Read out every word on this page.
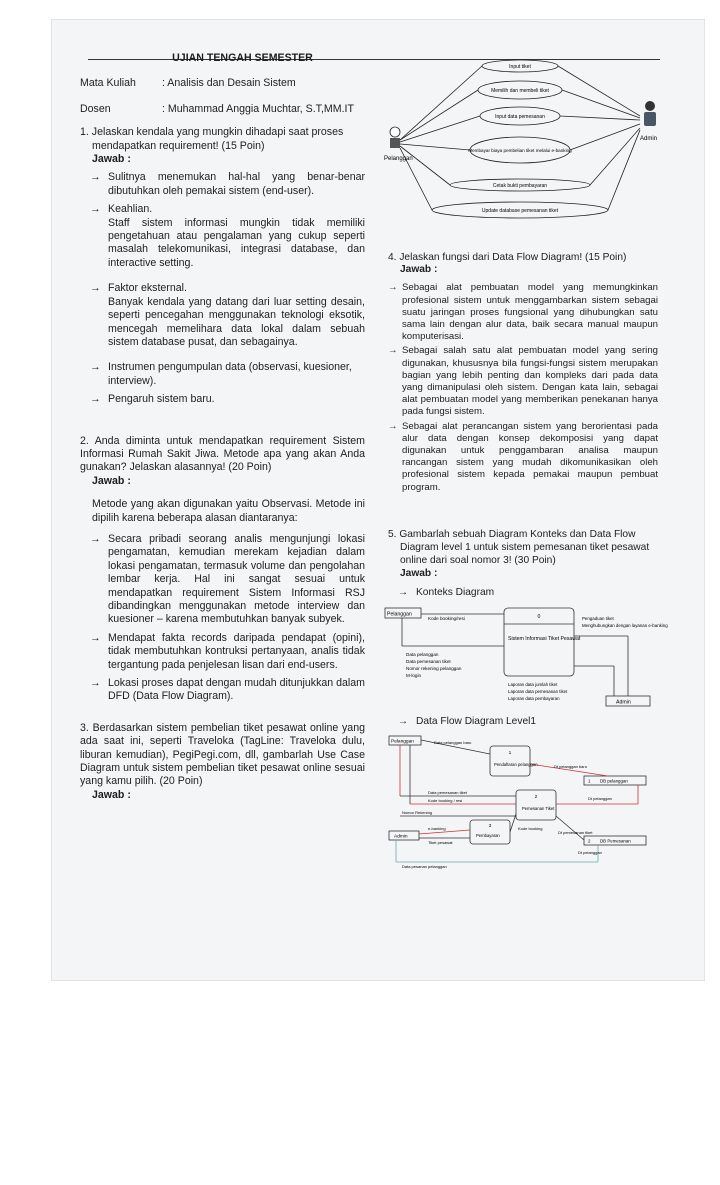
UJIAN TENGAH SEMESTER
Mata Kuliah	: Analisis dan Desain Sistem
Dosen	: Muhammad Anggia Muchtar, S.T,MM.IT
1. Jelaskan kendala yang mungkin dihadapi saat proses mendapatkan requirement! (15 Poin)
Jawab :
→ Sulitnya menemukan hal-hal yang benar-benar dibutuhkan oleh pemakai sistem (end-user).
→ Keahlian.
Staff sistem informasi mungkin tidak memiliki pengetahuan atau pengalaman yang cukup seperti masalah telekomunikasi, integrasi database, dan interactive setting.
→ Faktor eksternal.
Banyak kendala yang datang dari luar setting desain, seperti pencegahan menggunakan teknologi eksotik, mencegah memelihara data lokal dalam sebuah sistem database pusat, dan sebagainya.
→ Instrumen pengumpulan data (observasi, kuesioner, interview).
→ Pengaruh sistem baru.
2. Anda diminta untuk mendapatkan requirement Sistem Informasi Rumah Sakit Jiwa. Metode apa yang akan Anda gunakan? Jelaskan alasannya! (20 Poin)
Jawab :
Metode yang akan digunakan yaitu Observasi. Metode ini dipilih karena beberapa alasan diantaranya:
→ Secara pribadi seorang analis mengunjungi lokasi pengamatan, kemudian merekam kejadian dalam lokasi pengamatan, termasuk volume dan pengolahan lembar kerja. Hal ini sangat sesuai untuk mendapatkan requirement Sistem Informasi RSJ dibandingkan menggunakan metode interview dan kuesioner – karena membutuhkan banyak subyek.
→ Mendapat fakta records daripada pendapat (opini), tidak membutuhkan kontruksi pertanyaan, analis tidak tergantung pada penjelesan lisan dari end-users.
→ Lokasi proses dapat dengan mudah ditunjukkan dalam DFD (Data Flow Diagram).
3. Berdasarkan sistem pembelian tiket pesawat online yang ada saat ini, seperti Traveloka (TagLine: Traveloka dulu, liburan kemudian), PegiPegi.com, dll, gambarlah Use Case Diagram untuk sistem pembelian tiket pesawat online sesuai yang kamu pilih. (20 Poin)
Jawab :
Pelanggan
Admin
Input tiket
Memilih dan membeli tiket
Input data pemesanan
Membayar biaya pembelian tiket melalui e-banking
Cetak bukti pembayaran
Update database pemesanan tiket
4. Jelaskan fungsi dari Data Flow Diagram! (15 Poin)
Jawab :
→ Sebagai alat pembuatan model yang memungkinkan profesional sistem untuk menggambarkan sistem sebagai suatu jaringan proses fungsional yang dihubungkan satu sama lain dengan alur data, baik secara manual maupun komputerisasi.
→ Sebagai salah satu alat pembuatan model yang sering digunakan, khususnya bila fungsi-fungsi sistem merupakan bagian yang lebih penting dan kompleks dari pada data yang dimanipulasi oleh sistem. Dengan kata lain, sebagai alat pembuatan model yang memberikan penekanan hanya pada fungsi sistem.
→ Sebagai alat perancangan sistem yang berorientasi pada alur data dengan konsep dekomposisi yang dapat digunakan untuk penggambaran analisa maupun rancangan sistem yang mudah dikomunikasikan oleh profesional sistem kepada pemakai maupun pembuat program.
5. Gambarlah sebuah Diagram Konteks dan Data Flow Diagram level 1 untuk sistem pemesanan tiket pesawat online dari soal nomor 3! (30 Poin)
Jawab :
→ Konteks Diagram
Pelanggan
Admin
0
Sistem Informasi Tiket Pesawat
Kode booking/resi
Data pelanggan
Data pemesanan tiket
Nomor rekening pelanggan
M-login
Pengaduan tiket
Menghubungkan dengan layanan e-banking
Laporan data jumlah tiket
Laporan data pemesanan tiket
Laporan data pembayaran
→ Data Flow Diagram Level1
Pelanggan
Admin
1
Pendaftaran pelanggan
2
Pemesanan Tiket
3
Pembayaran
1 DB pelanggan
2 DB Pemesanan
Data pelanggan baru
Dt pelanggan baru
Dt pelanggan
Data pemesanan tiket
Kode booking / resi
Nomor Rekening
e-banking
Tiket pesawat
Kode booking
Dt pemesanan tiket
Data pesanan pelanggan
Dt pelanggan
